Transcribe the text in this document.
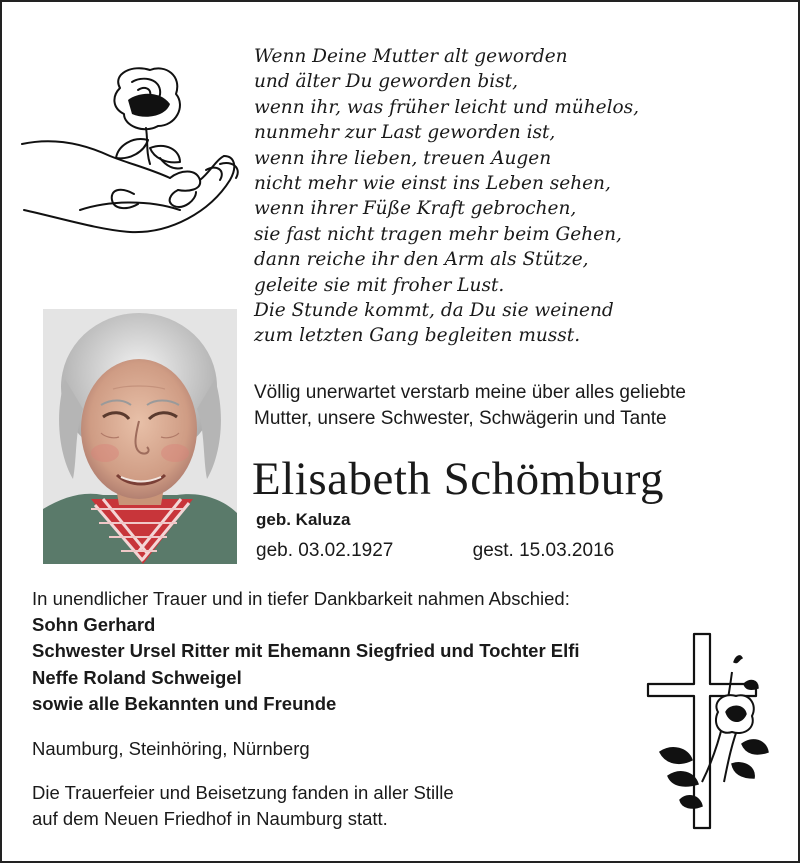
Wenn Deine Mutter alt geworden
und älter Du geworden bist,
wenn ihr, was früher leicht und mühelos,
nunmehr zur Last geworden ist,
wenn ihre lieben, treuen Augen
nicht mehr wie einst ins Leben sehen,
wenn ihrer Füße Kraft gebrochen,
sie fast nicht tragen mehr beim Gehen,
dann reiche ihr den Arm als Stütze,
geleite sie mit froher Lust.
Die Stunde kommt, da Du sie weinend
zum letzten Gang begleiten musst.
Völlig unerwartet verstarb meine über alles geliebte
Mutter, unsere Schwester, Schwägerin und Tante
Elisabeth Schömburg
geb. Kaluza
geb. 03.02.1927	gest. 15.03.2016
In unendlicher Trauer und in tiefer Dankbarkeit nahmen Abschied:
Sohn Gerhard
Schwester Ursel Ritter mit Ehemann Siegfried und Tochter Elfi
Neffe Roland Schweigel
sowie alle Bekannten und Freunde
Naumburg, Steinhöring, Nürnberg
Die Trauerfeier und Beisetzung fanden in aller Stille
auf dem Neuen Friedhof in Naumburg statt.
